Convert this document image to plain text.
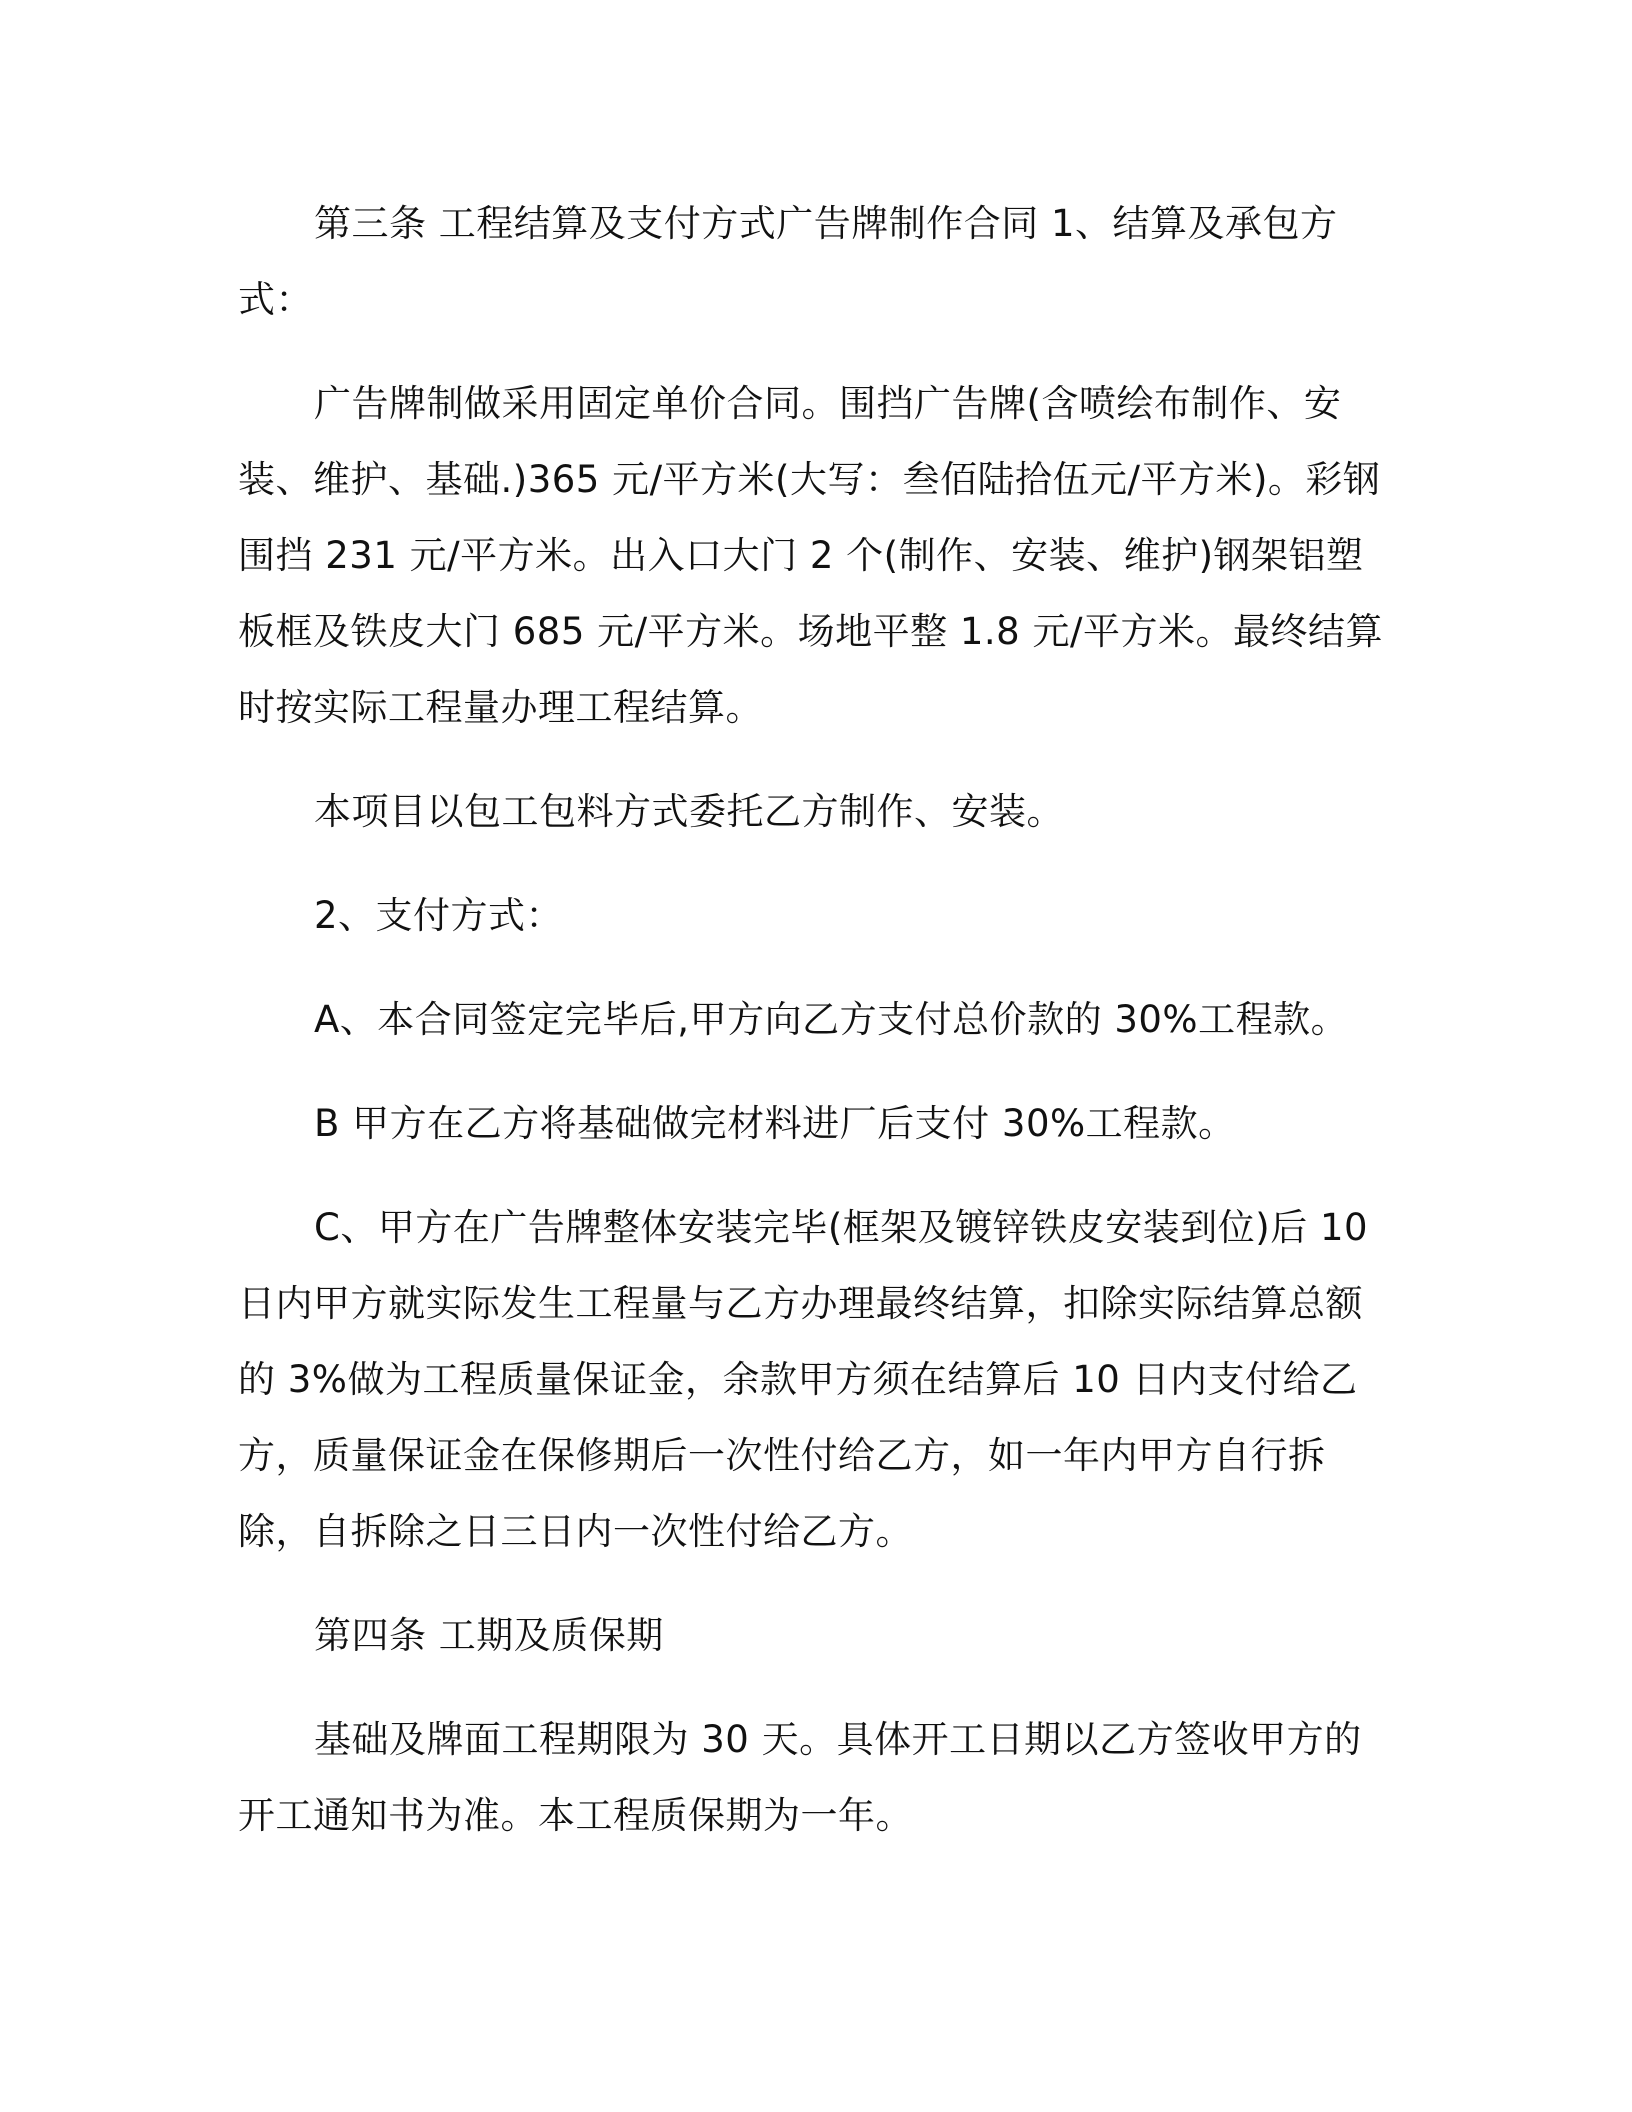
第三条 工程结算及支付方式广告牌制作合同 1、结算及承包方式：

广告牌制做采用固定单价合同。围挡广告牌(含喷绘布制作、安装、维护、基础.)365 元/平方米(大写：叁佰陆拾伍元/平方米)。彩钢围挡 231 元/平方米。出入口大门 2 个(制作、安装、维护)钢架铝塑板框及铁皮大门 685 元/平方米。场地平整 1.8 元/平方米。最终结算时按实际工程量办理工程结算。

本项目以包工包料方式委托乙方制作、安装。

2、支付方式：

A、本合同签定完毕后,甲方向乙方支付总价款的 30%工程款。

B 甲方在乙方将基础做完材料进厂后支付 30%工程款。

C、甲方在广告牌整体安装完毕(框架及镀锌铁皮安装到位)后 10 日内甲方就实际发生工程量与乙方办理最终结算，扣除实际结算总额的 3%做为工程质量保证金，余款甲方须在结算后 10 日内支付给乙方，质量保证金在保修期后一次性付给乙方，如一年内甲方自行拆除，自拆除之日三日内一次性付给乙方。

第四条 工期及质保期

基础及牌面工程期限为 30 天。具体开工日期以乙方签收甲方的开工通知书为准。本工程质保期为一年。
